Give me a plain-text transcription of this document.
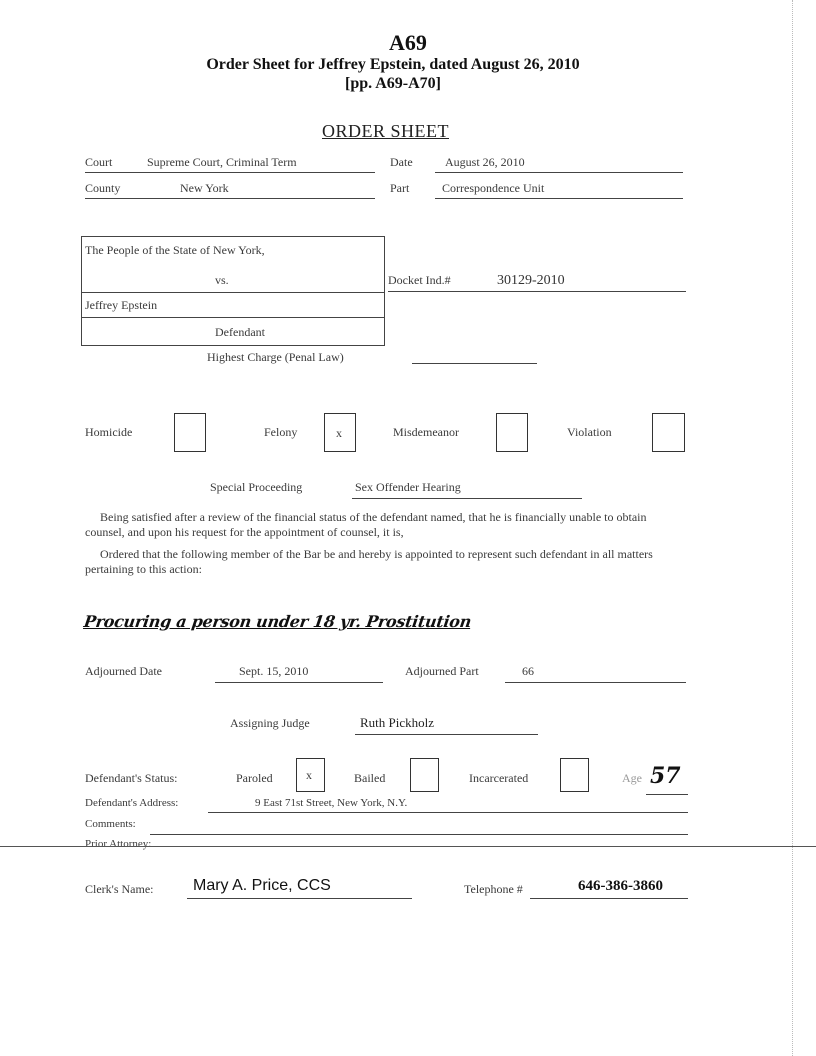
A69
Order Sheet for Jeffrey Epstein, dated August 26, 2010
[pp. A69-A70]
ORDER SHEET
Court	Supreme Court, Criminal Term	Date	August 26, 2010
County	New York	Part	Correspondence Unit
The People of the State of New York,
vs.
Jeffrey Epstein
Defendant
Docket Ind.#	30129-2010
Highest Charge (Penal Law)
Homicide	Felony	x	Misdemeanor	Violation
Special Proceeding	Sex Offender Hearing
Being satisfied after a review of the financial status of the defendant named, that he is financially unable to obtain counsel, and upon his request for the appointment of counsel, it is,
Ordered that the following member of the Bar be and hereby is appointed to represent such defendant in all matters pertaining to this action:
Procuring a person under 18 yr. Prostitution
Adjourned Date	Sept. 15, 2010	Adjourned Part	66
Assigning Judge	Ruth Pickholz
Defendant's Status:	Paroled	x	Bailed	Incarcerated	Age 57
Defendant's Address:	9 East 71st Street, New York, N.Y.
Comments:
Prior Attorney:
Clerk's Name: Mary A. Price, CCS	Telephone #	646-386-3860
